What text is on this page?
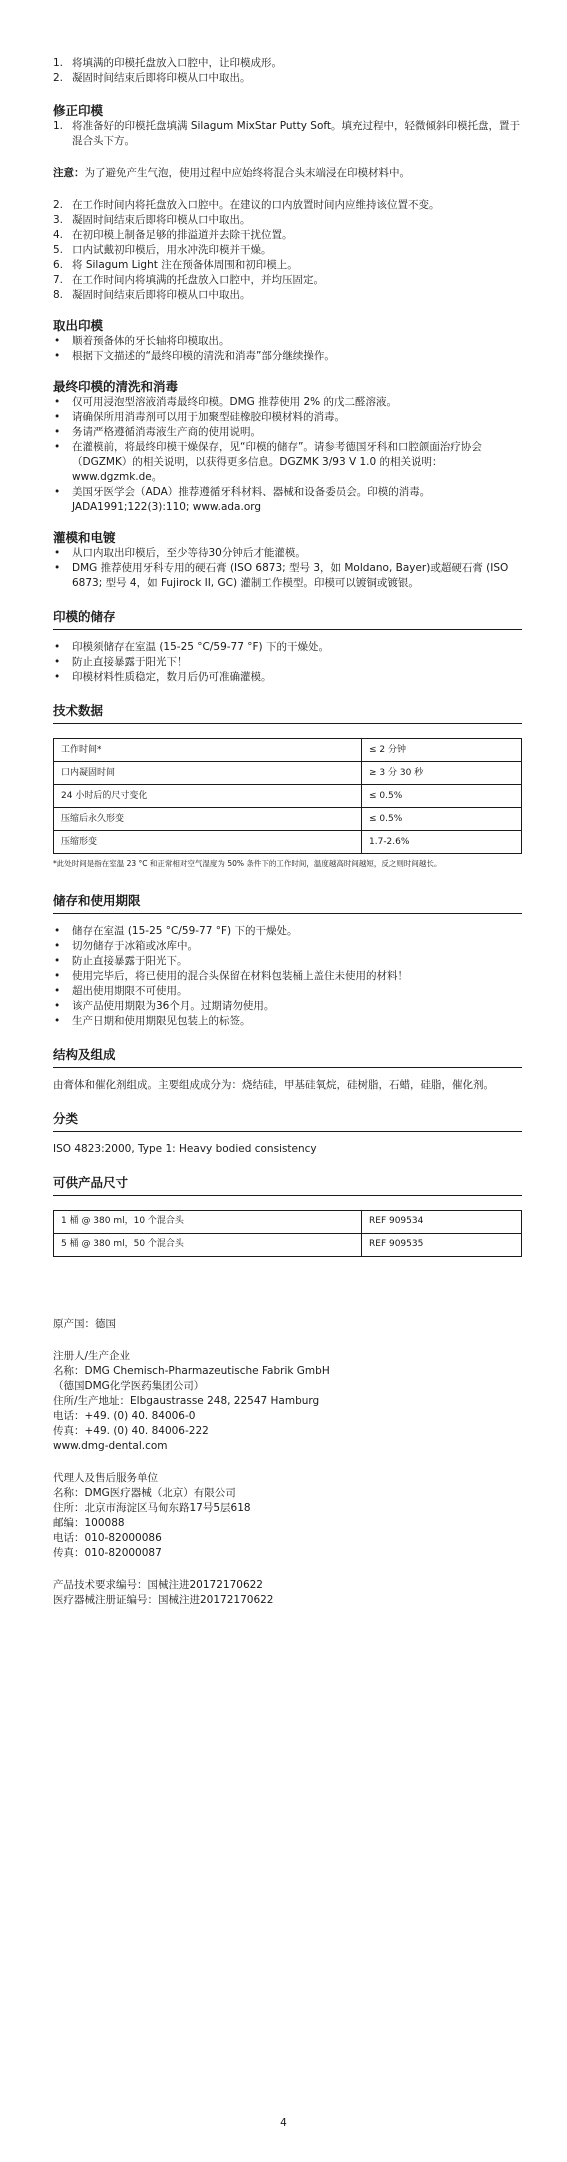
1. 将填满的印模托盘放入口腔中，让印模成形。
2. 凝固时间结束后即将印模从口中取出。
修正印模
1. 将准备好的印模托盘填满 Silagum MixStar Putty Soft。填充过程中，轻微倾斜印模托盘，置于混合头下方。

注意：为了避免产生气泡，使用过程中应始终将混合头末端浸在印模材料中。

2. 在工作时间内将托盘放入口腔中。在建议的口内放置时间内应维持该位置不变。
3. 凝固时间结束后即将印模从口中取出。
4. 在初印模上制备足够的排溢道并去除干扰位置。
5. 口内试戴初印模后，用水冲洗印模并干燥。
6. 将 Silagum Light 注在预备体周围和初印模上。
7. 在工作时间内将填满的托盘放入口腔中，并均压固定。
8. 凝固时间结束后即将印模从口中取出。
取出印模
• 顺着预备体的牙长轴将印模取出。
• 根据下文描述的“最终印模的清洗和消毒”部分继续操作。
最终印模的清洗和消毒
• 仅可用浸泡型溶液消毒最终印模。DMG 推荐使用 2% 的戊二醛溶液。
• 请确保所用消毒剂可以用于加聚型硅橡胶印模材料的消毒。
• 务请严格遵循消毒液生产商的使用说明。
• 在灌模前，将最终印模干燥保存，见“印模的储存”。请参考德国牙科和口腔颌面治疗协会（DGZMK）的相关说明，以获得更多信息。DGZMK 3/93 V 1.0 的相关说明：www.dgzmk.de。
• 美国牙医学会（ADA）推荐遵循牙科材料、器械和设备委员会。印模的消毒。JADA1991;122(3):110; www.ada.org
灌模和电镀
• 从口内取出印模后，至少等待30分钟后才能灌模。
• DMG 推荐使用牙科专用的硬石膏 (ISO 6873; 型号 3，如 Moldano, Bayer)或超硬石膏 (ISO 6873; 型号 4，如 Fujirock II, GC) 灌制工作模型。印模可以镀铜或镀银。
印模的储存
• 印模须储存在室温 (15-25 °C/59-77 °F) 下的干燥处。
• 防止直接暴露于阳光下！
• 印模材料性质稳定，数月后仍可准确灌模。
技术数据
工作时间*	≤ 2 分钟
口内凝固时间	≥ 3 分 30 秒
24 小时后的尺寸变化	≤ 0.5%
压缩后永久形变	≤ 0.5%
压缩形变	1.7-2.6%

*此处时间是指在室温 23 °C 和正常相对空气湿度为 50% 条件下的工作时间，温度越高时间越短，反之则时间越长。

储存和使用期限
• 储存在室温 (15-25 °C/59-77 °F) 下的干燥处。
• 切勿储存于冰箱或冰库中。
• 防止直接暴露于阳光下。
• 使用完毕后，将已使用的混合头保留在材料包装桶上盖住未使用的材料！
• 超出使用期限不可使用。
• 该产品使用期限为36个月。过期请勿使用。
• 生产日期和使用期限见包装上的标签。
结构及组成

由膏体和催化剂组成。主要组成成分为：烧结硅，甲基硅氧烷，硅树脂，石蜡，硅脂，催化剂。

分类

ISO 4823:2000, Type 1: Heavy bodied consistency

可供产品尺寸
1 桶 @ 380 ml，10 个混合头	REF 909534
5 桶 @ 380 ml，50 个混合头	REF 909535

原产国：德国

注册人/生产企业

名称：DMG Chemisch-Pharmazeutische Fabrik GmbH

（德国DMG化学医药集团公司）

住所/生产地址：Elbgaustrasse 248, 22547 Hamburg

电话：+49. (0) 40. 84006-0

传真：+49. (0) 40. 84006-222

www.dmg-dental.com

代理人及售后服务单位

名称：DMG医疗器械（北京）有限公司

住所：北京市海淀区马甸东路17号5层618

邮编：100088

电话：010-82000086

传真：010-82000087

产品技术要求编号：国械注进20172170622

医疗器械注册证编号：国械注进20172170622

4
